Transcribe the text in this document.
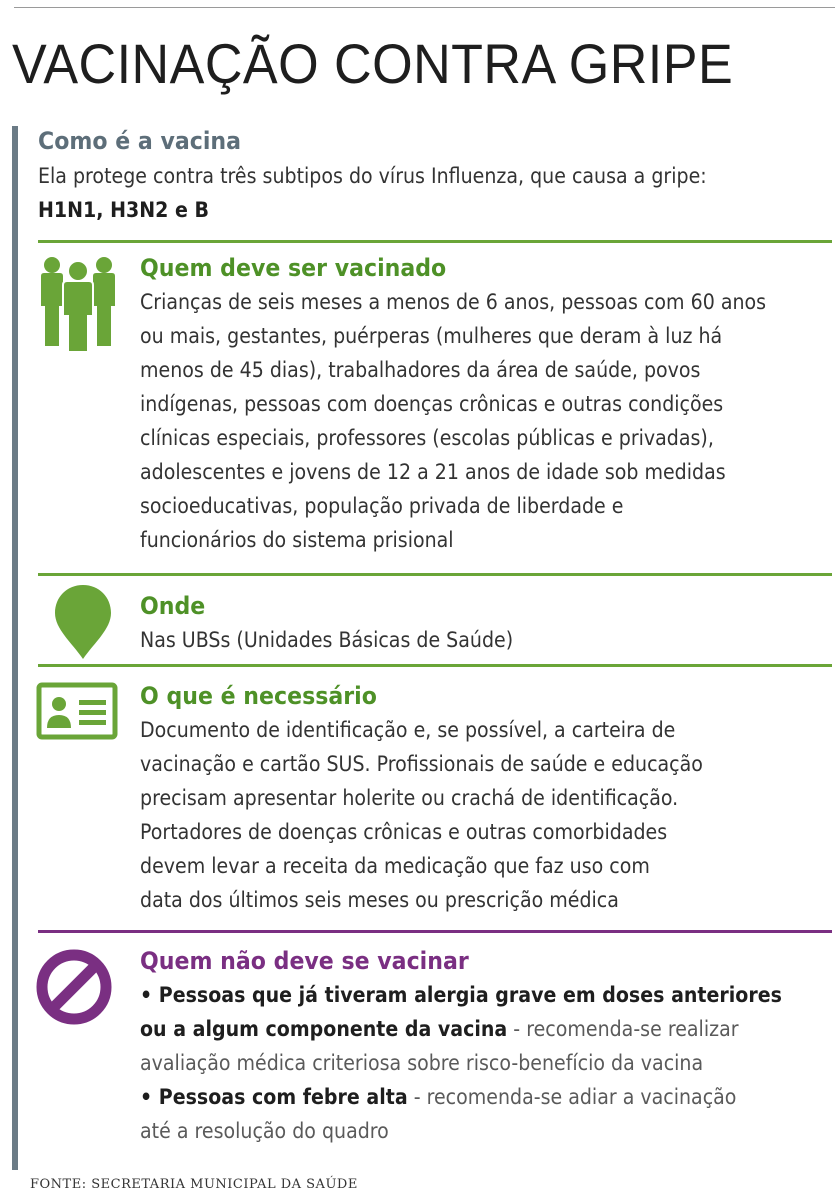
VACINAÇÃO CONTRA GRIPE
Como é a vacina
Ela protege contra três subtipos do vírus Influenza, que causa a gripe:
H1N1, H3N2 e B
Quem deve ser vacinado
Crianças de seis meses a menos de 6 anos, pessoas com 60 anos
ou mais, gestantes, puérperas (mulheres que deram à luz há
menos de 45 dias), trabalhadores da área de saúde, povos
indígenas, pessoas com doenças crônicas e outras condições
clínicas especiais, professores (escolas públicas e privadas),
adolescentes e jovens de 12 a 21 anos de idade sob medidas
socioeducativas, população privada de liberdade e
funcionários do sistema prisional
Onde
Nas UBSs (Unidades Básicas de Saúde)
O que é necessário
Documento de identificação e, se possível, a carteira de
vacinação e cartão SUS. Profissionais de saúde e educação
precisam apresentar holerite ou crachá de identificação.
Portadores de doenças crônicas e outras comorbidades
devem levar a receita da medicação que faz uso com
data dos últimos seis meses ou prescrição médica
Quem não deve se vacinar
• Pessoas que já tiveram alergia grave em doses anteriores
ou a algum componente da vacina - recomenda-se realizar
avaliação médica criteriosa sobre risco-benefício da vacina
• Pessoas com febre alta - recomenda-se adiar a vacinação
até a resolução do quadro
FONTE: SECRETARIA MUNICIPAL DA SAÚDE
